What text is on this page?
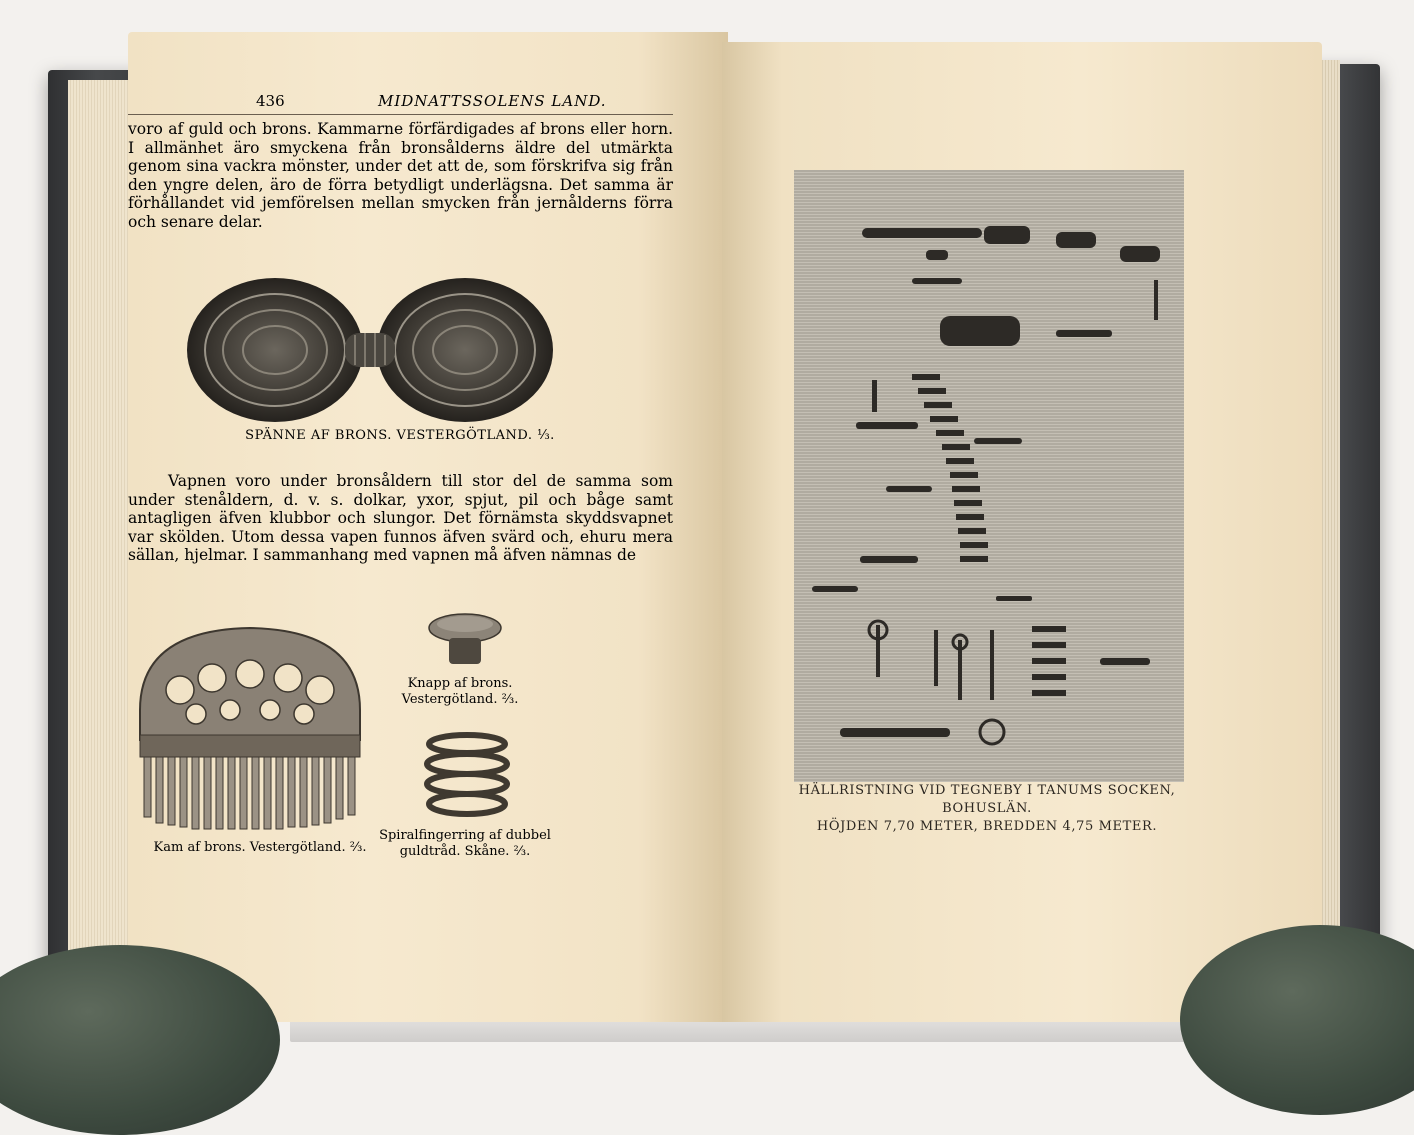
436	MIDNATTSSOLENS LAND.
voro af guld och brons. Kammarne förfärdigades af brons eller horn. I allmänhet äro smyckena från bronsålderns äldre del utmärkta genom sina vackra mönster, under det att de, som förskrifva sig från den yngre delen, äro de förra betydligt underlägsna. Det samma är förhållandet vid jemförelsen mellan smycken från jernålderns förra och senare delar.
SPÄNNE AF BRONS. VESTERGÖTLAND. ⅓.
Vapnen voro under bronsåldern till stor del de samma som under stenåldern, d. v. s. dolkar, yxor, spjut, pil och båge samt antagligen äfven klubbor och slungor. Det förnämsta skyddsvapnet var skölden. Utom dessa vapen funnos äfven svärd och, ehuru mera sällan, hjelmar. I sammanhang med vapnen må äfven nämnas de
Kam af brons. Vestergötland. ⅔.
Knapp af brons. Vestergötland. ⅔.
Spiralfingerring af dubbel guldtråd. Skåne. ⅔.
HÄLLRISTNING VID TEGNEBY I TANUMS SOCKEN, BOHUSLÄN.
HÖJDEN 7,70 METER, BREDDEN 4,75 METER.
